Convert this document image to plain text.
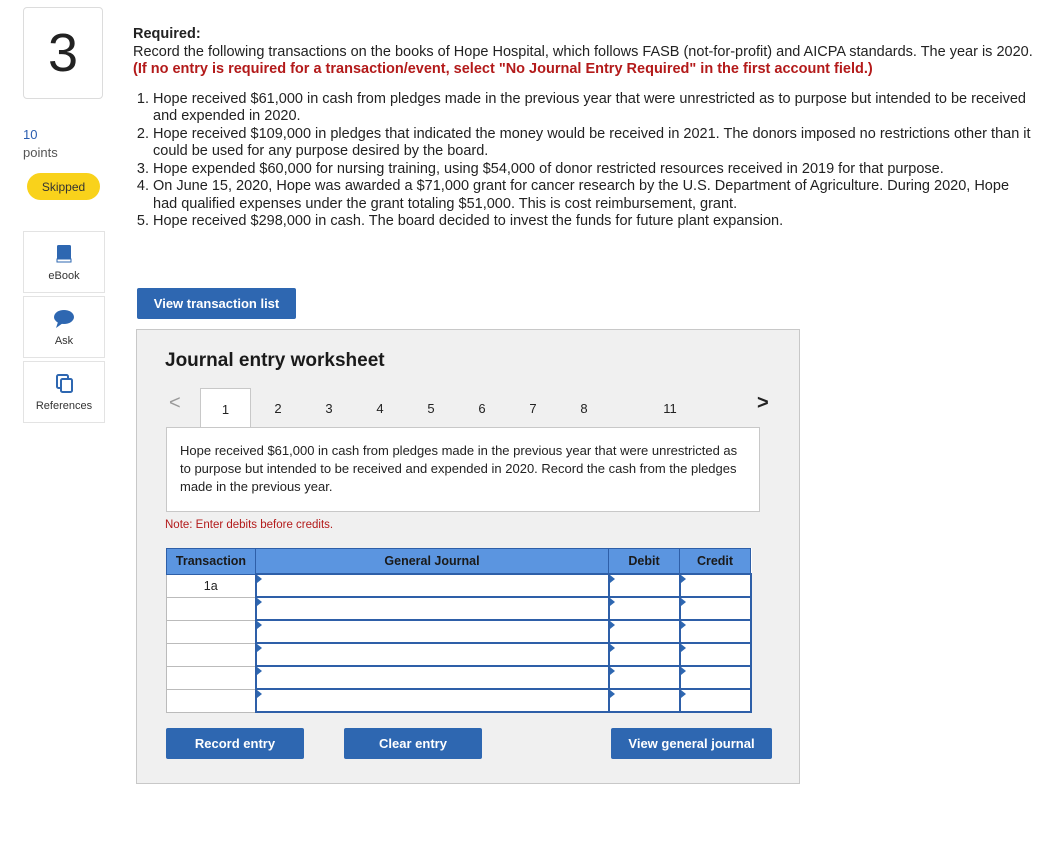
3
10
points
Skipped
eBook
Ask
References
Required:
Record the following transactions on the books of Hope Hospital, which follows FASB (not-for-profit) and AICPA standards. The year is 2020. (If no entry is required for a transaction/event, select "No Journal Entry Required" in the first account field.)
1. Hope received $61,000 in cash from pledges made in the previous year that were unrestricted as to purpose but intended to be received and expended in 2020.
2. Hope received $109,000 in pledges that indicated the money would be received in 2021. The donors imposed no restrictions other than it could be used for any purpose desired by the board.
3. Hope expended $60,000 for nursing training, using $54,000 of donor restricted resources received in 2019 for that purpose.
4. On June 15, 2020, Hope was awarded a $71,000 grant for cancer research by the U.S. Department of Agriculture. During 2020, Hope had qualified expenses under the grant totaling $51,000. This is cost reimbursement, grant.
5. Hope received $298,000 in cash. The board decided to invest the funds for future plant expansion.
View transaction list
Journal entry worksheet
<	1	2	3	4	5	6	7	8	11	>
Hope received $61,000 in cash from pledges made in the previous year that were unrestricted as to purpose but intended to be received and expended in 2020. Record the cash from the pledges made in the previous year.
Note: Enter debits before credits.
Transaction	General Journal	Debit	Credit
1a			

Record entry	Clear entry	View general journal
